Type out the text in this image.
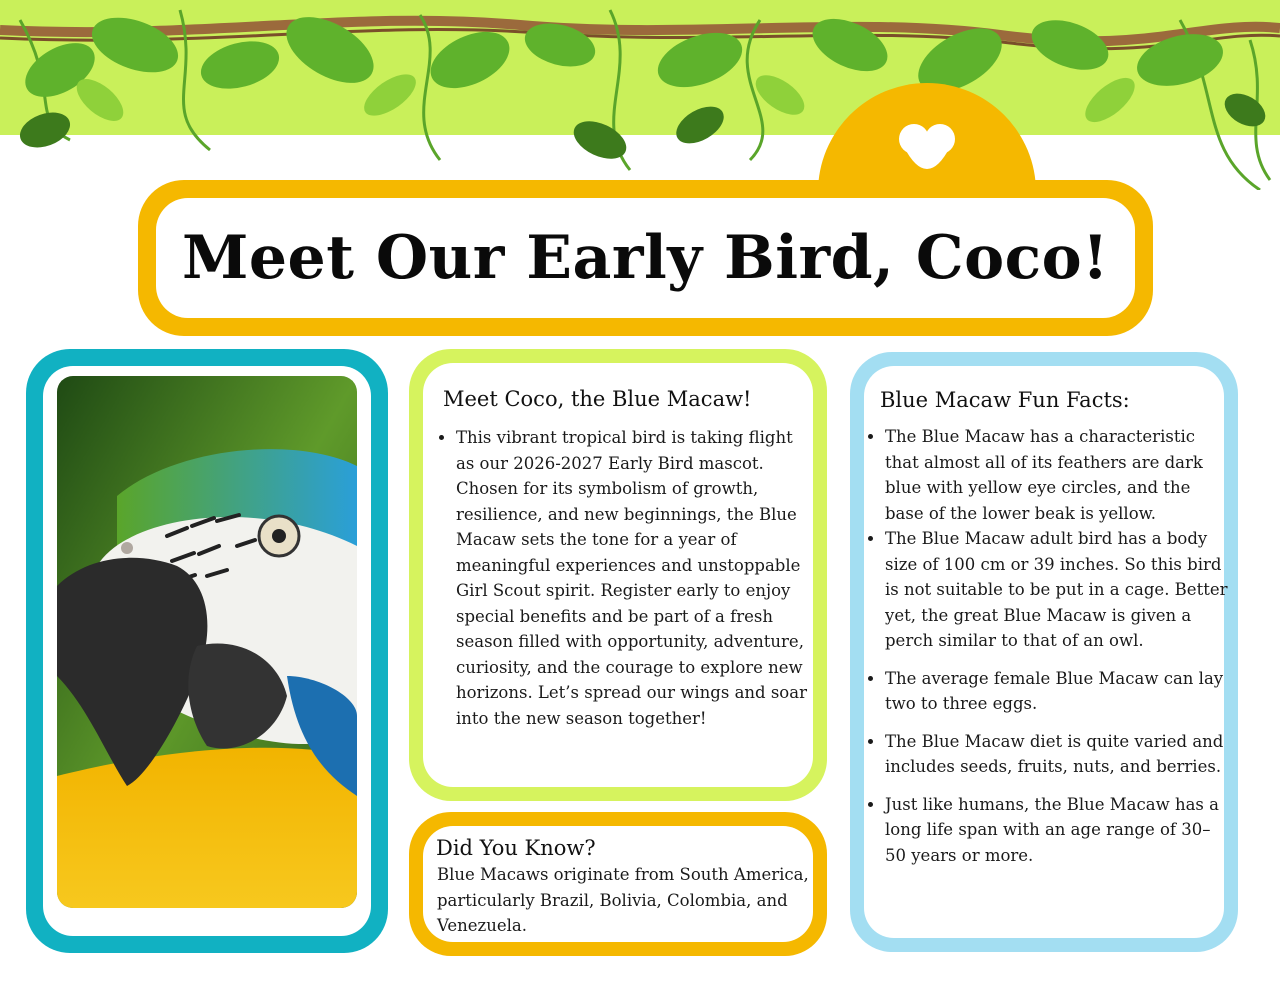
Meet Our Early Bird, Coco!
Meet Coco, the Blue Macaw!
• This vibrant tropical bird is taking flight as our 2026-2027 Early Bird mascot. Chosen for its symbolism of growth, resilience, and new beginnings, the Blue Macaw sets the tone for a year of meaningful experiences and unstoppable Girl Scout spirit. Register early to enjoy special benefits and be part of a fresh season filled with opportunity, adventure, curiosity, and the courage to explore new horizons. Let’s spread our wings and soar into the new season together!
Did You Know?

Blue Macaws originate from South America, particularly Brazil, Bolivia, Colombia, and Venezuela.

Blue Macaw Fun Facts:
• The Blue Macaw has a characteristic that almost all of its feathers are dark blue with yellow eye circles, and the base of the lower beak is yellow.
• The Blue Macaw adult bird has a body size of 100 cm or 39 inches. So this bird is not suitable to be put in a cage. Better yet, the great Blue Macaw is given a perch similar to that of an owl.
• The average female Blue Macaw can lay two to three eggs.
• The Blue Macaw diet is quite varied and includes seeds, fruits, nuts, and berries.
• Just like humans, the Blue Macaw has a long life span with an age range of 30–50 years or more.
